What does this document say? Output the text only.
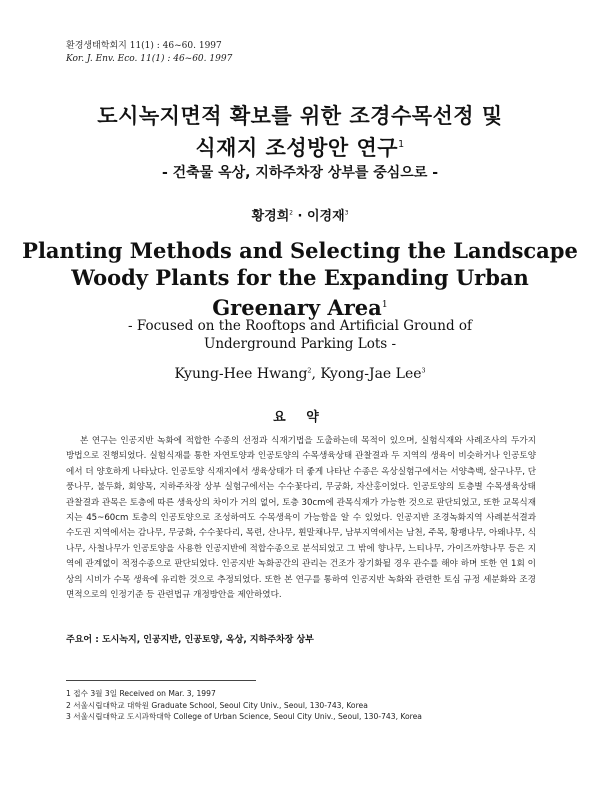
환경생태학회지 11(1) : 46~60. 1997
Kor. J. Env. Eco. 11(1) : 46~60. 1997
도시녹지면적 확보를 위한 조경수목선정 및
식재지 조성방안 연구$^1$
- 건축물 옥상, 지하주차장 상부를 중심으로 -
황경희$^2$ · 이경재$^3$
Planting Methods and Selecting the Landscape
Woody Plants for the Expanding Urban
Greenary Area$^1$
- Focused on the Rooftops and Artificial Ground of
Underground Parking Lots -
Kyung-Hee Hwang$^2$, Kyong-Jae Lee$^3$
요 약

본 연구는 인공지반 녹화에 적합한 수종의 선정과 식재기법을 도출하는데 목적이 있으며, 실험식재와 사례조사의 두가지 방법으로 진행되었다. 실험식재를 통한 자연토양과 인공토양의 수목생육상태 관찰결과 두 지역의 생육이 비슷하거나 인공토양에서 더 양호하게 나타났다. 인공토양 식재지에서 생육상태가 더 좋게 나타난 수종은 옥상실험구에서는 서양측백, 살구나무, 단풍나무, 불두화, 회양목, 지하주차장 상부 실험구에서는 수수꽃다리, 무궁화, 자산홍이었다. 인공토양의 토층별 수목생육상태 관찰결과 관목은 토층에 따른 생육상의 차이가 거의 없어, 토층 30cm에 관목식재가 가능한 것으로 판단되었고, 또한 교목식재지는 45~60cm 토층의 인공토양으로 조성하여도 수목생육이 가능함을 알 수 있었다. 인공지반 조경녹화지역 사례분석결과 수도권 지역에서는 감나무, 무궁화, 수수꽃다리, 목련, 산나무, 휜말채나무, 남부지역에서는 남천, 주목, 황팽나무, 아왜나무, 식나무, 사철나무가 인공토양을 사용한 인공지반에 적합수종으로 분석되었고 그 밖에 향나무, 느티나무, 가이즈까향나무 등은 지역에 관계없이 적정수종으로 판단되었다. 인공지반 녹화공간의 관리는 건조가 장기화될 경우 관수를 해야 하며 또한 연 1회 이상의 시비가 수목 생육에 유리한 것으로 추정되었다. 또한 본 연구를 통하여 인공지반 녹화와 관련한 토심 규정 세분화와 조경면적으로의 인정기준 등 관련법규 개정방안을 제안하였다.

주요어 : 도시녹지, 인공지반, 인공토양, 옥상, 지하주차장 상부
1 접수 3월 3일 Received on Mar. 3, 1997
2 서울시립대학교 대학원 Graduate School, Seoul City Univ., Seoul, 130-743, Korea
3 서울시립대학교 도시과학대학 College of Urban Science, Seoul City Univ., Seoul, 130-743, Korea
